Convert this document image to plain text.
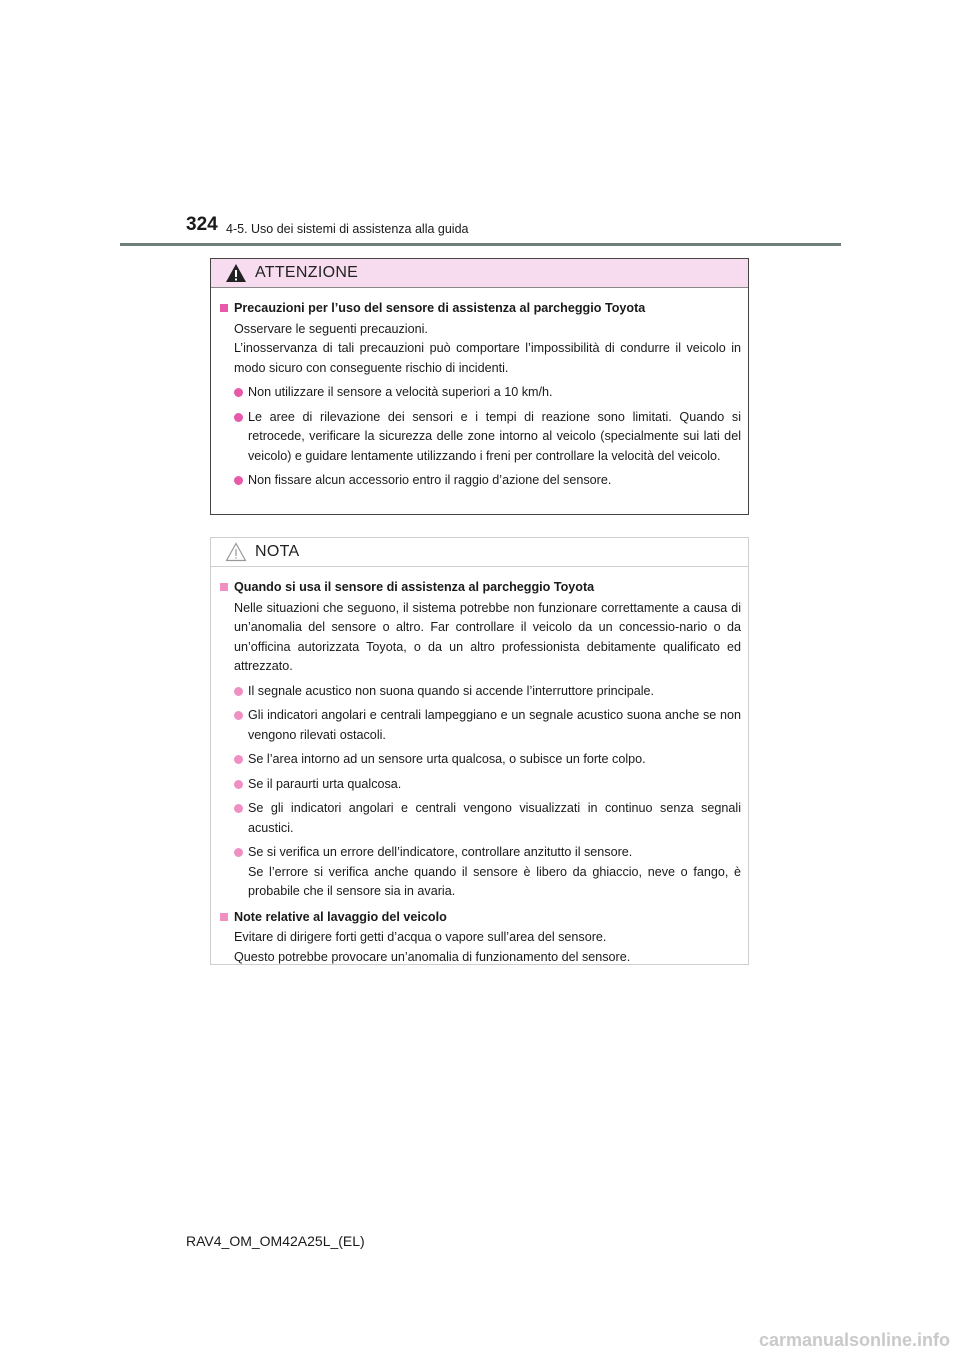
324 4-5. Uso dei sistemi di assistenza alla guida
ATTENZIONE
Precauzioni per l’uso del sensore di assistenza al parcheggio Toyota
Osservare le seguenti precauzioni.
L’inosservanza di tali precauzioni può comportare l’impossibilità di condurre il veicolo in modo sicuro con conseguente rischio di incidenti.
Non utilizzare il sensore a velocità superiori a 10 km/h.
Le aree di rilevazione dei sensori e i tempi di reazione sono limitati. Quando si retrocede, verificare la sicurezza delle zone intorno al veicolo (specialmente sui lati del veicolo) e guidare lentamente utilizzando i freni per controllare la velocità del veicolo.
Non fissare alcun accessorio entro il raggio d’azione del sensore.
NOTA
Quando si usa il sensore di assistenza al parcheggio Toyota
Nelle situazioni che seguono, il sistema potrebbe non funzionare correttamente a causa di un’anomalia del sensore o altro. Far controllare il veicolo da un concessio-nario o da un’officina autorizzata Toyota, o da un altro professionista debitamente qualificato ed attrezzato.
Il segnale acustico non suona quando si accende l’interruttore principale.
Gli indicatori angolari e centrali lampeggiano e un segnale acustico suona anche se non vengono rilevati ostacoli.
Se l’area intorno ad un sensore urta qualcosa, o subisce un forte colpo.
Se il paraurti urta qualcosa.
Se gli indicatori angolari e centrali vengono visualizzati in continuo senza segnali acustici.
Se si verifica un errore dell’indicatore, controllare anzitutto il sensore.
Se l’errore si verifica anche quando il sensore è libero da ghiaccio, neve o fango, è probabile che il sensore sia in avaria.
Note relative al lavaggio del veicolo
Evitare di dirigere forti getti d’acqua o vapore sull’area del sensore.
Questo potrebbe provocare un’anomalia di funzionamento del sensore.
RAV4_OM_OM42A25L_(EL)
carmanualsonline.info
